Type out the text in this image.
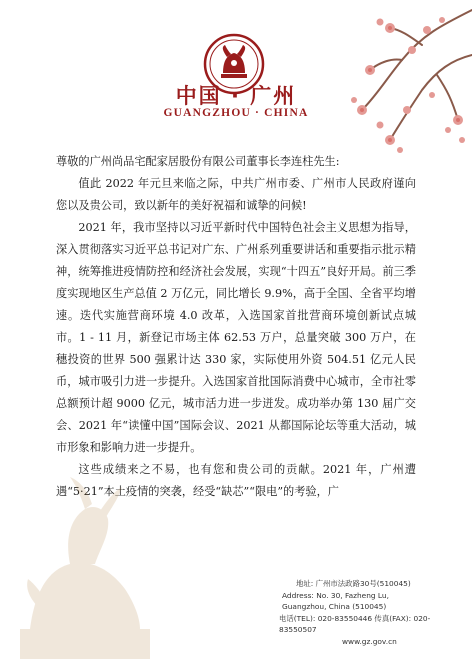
中国 · 广州
GUANGZHOU · CHINA

尊敬的广州尚品宅配家居股份有限公司董事长李连柱先生:

值此 2022 年元旦来临之际，中共广州市委、广州市人民政府谨向您以及贵公司，致以新年的美好祝福和诚挚的问候!

2021 年，我市坚持以习近平新时代中国特色社会主义思想为指导，深入贯彻落实习近平总书记对广东、广州系列重要讲话和重要指示批示精神，统筹推进疫情防控和经济社会发展，实现“十四五”良好开局。前三季度实现地区生产总值 2 万亿元，同比增长 9.9%，高于全国、全省平均增速。迭代实施营商环境 4.0 改革，入选国家首批营商环境创新试点城市。1 - 11 月，新登记市场主体 62.53 万户，总量突破 300 万户，在穗投资的世界 500 强累计达 330 家，实际使用外资 504.51 亿元人民币，城市吸引力进一步提升。入选国家首批国际消费中心城市，全市社零总额预计超 9000 亿元，城市活力进一步迸发。成功举办第 130 届广交会、2021 年“读懂中国”国际会议、2021 从都国际论坛等重大活动，城市形象和影响力进一步提升。

这些成绩来之不易，也有您和贵公司的贡献。2021 年，广州遭遇“5·21”本土疫情的突袭，经受“缺芯”“限电”的考验，广

地址: 广州市法政路30号(510045)
Address: No. 30, Fazheng Lu, Guangzhou, China (510045)
电话(TEL): 020-83550446 传真(FAX): 020-83550507
www.gz.gov.cn
